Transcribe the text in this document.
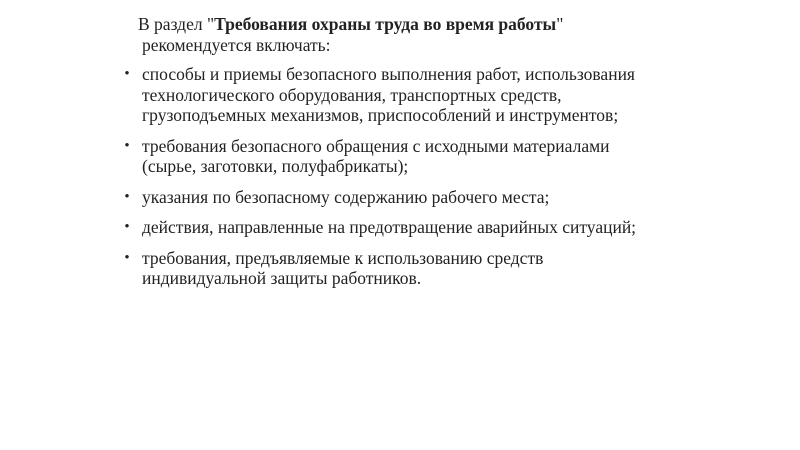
В раздел "Требования охраны труда во время работы"
рекомендуется включать:

• способы и приемы безопасного выполнения работ, использования технологического оборудования, транспортных средств, грузоподъемных механизмов, приспособлений и инструментов;
• требования безопасного обращения с исходными материалами (сырье, заготовки, полуфабрикаты);
• указания по безопасному содержанию рабочего места;
• действия, направленные на предотвращение аварийных ситуаций;
• требования, предъявляемые к использованию средств индивидуальной защиты работников.
